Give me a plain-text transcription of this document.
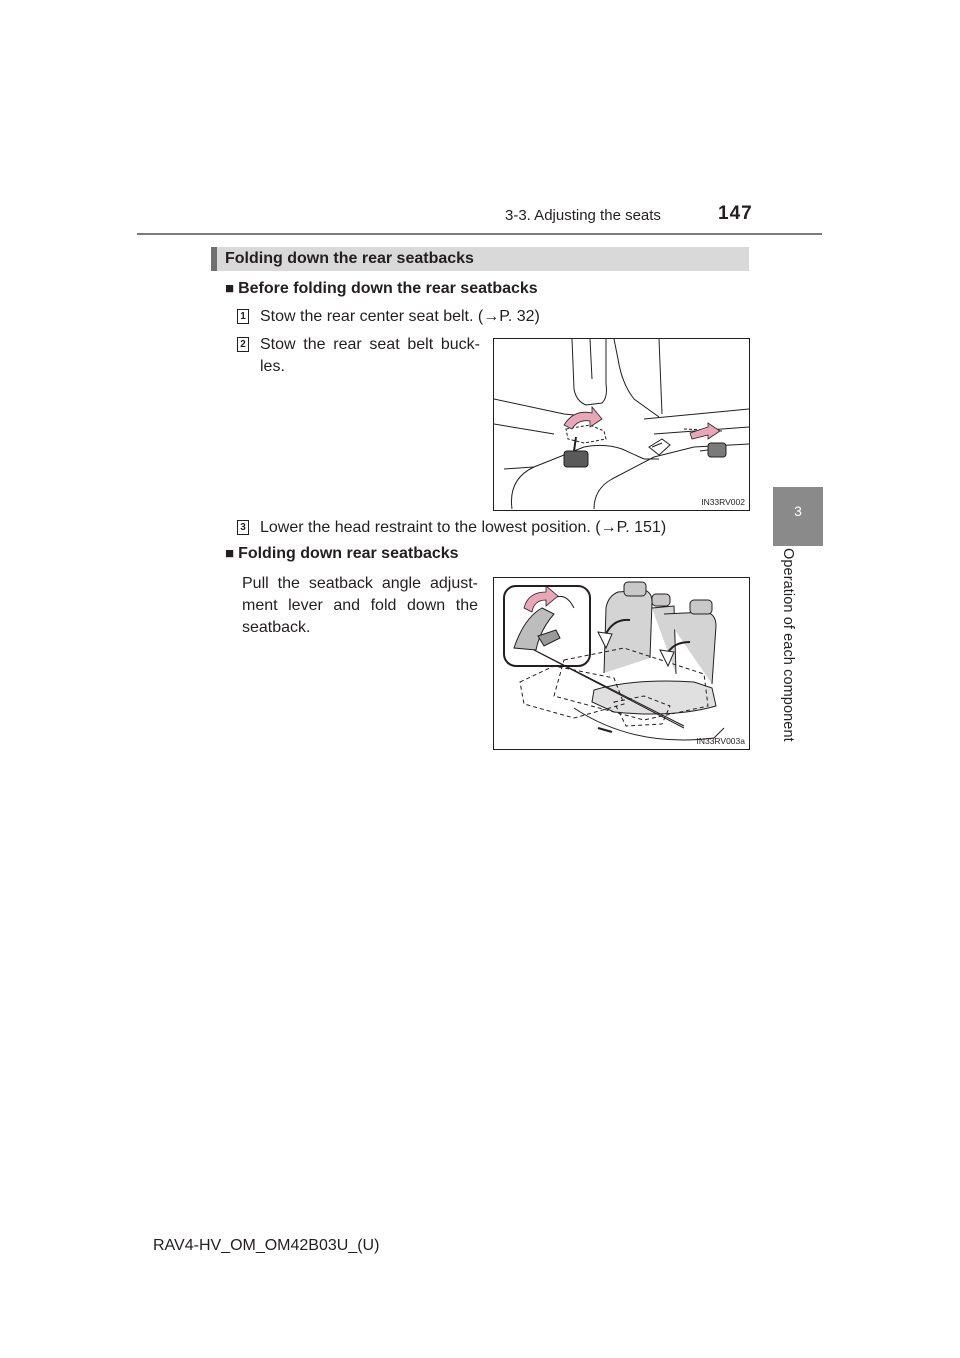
3-3. Adjusting the seats	147
3
Operation of each component
Folding down the rear seatbacks
■ Before folding down the rear seatbacks
1 Stow the rear center seat belt. (→P. 32)
2 Stow the rear seat belt buck- les.
IN33RV002
3 Lower the head restraint to the lowest position. (→P. 151)
■ Folding down rear seatbacks
Pull the seatback angle adjust- ment lever and fold down the seatback.
IN33RV003a
RAV4-HV_OM_OM42B03U_(U)
